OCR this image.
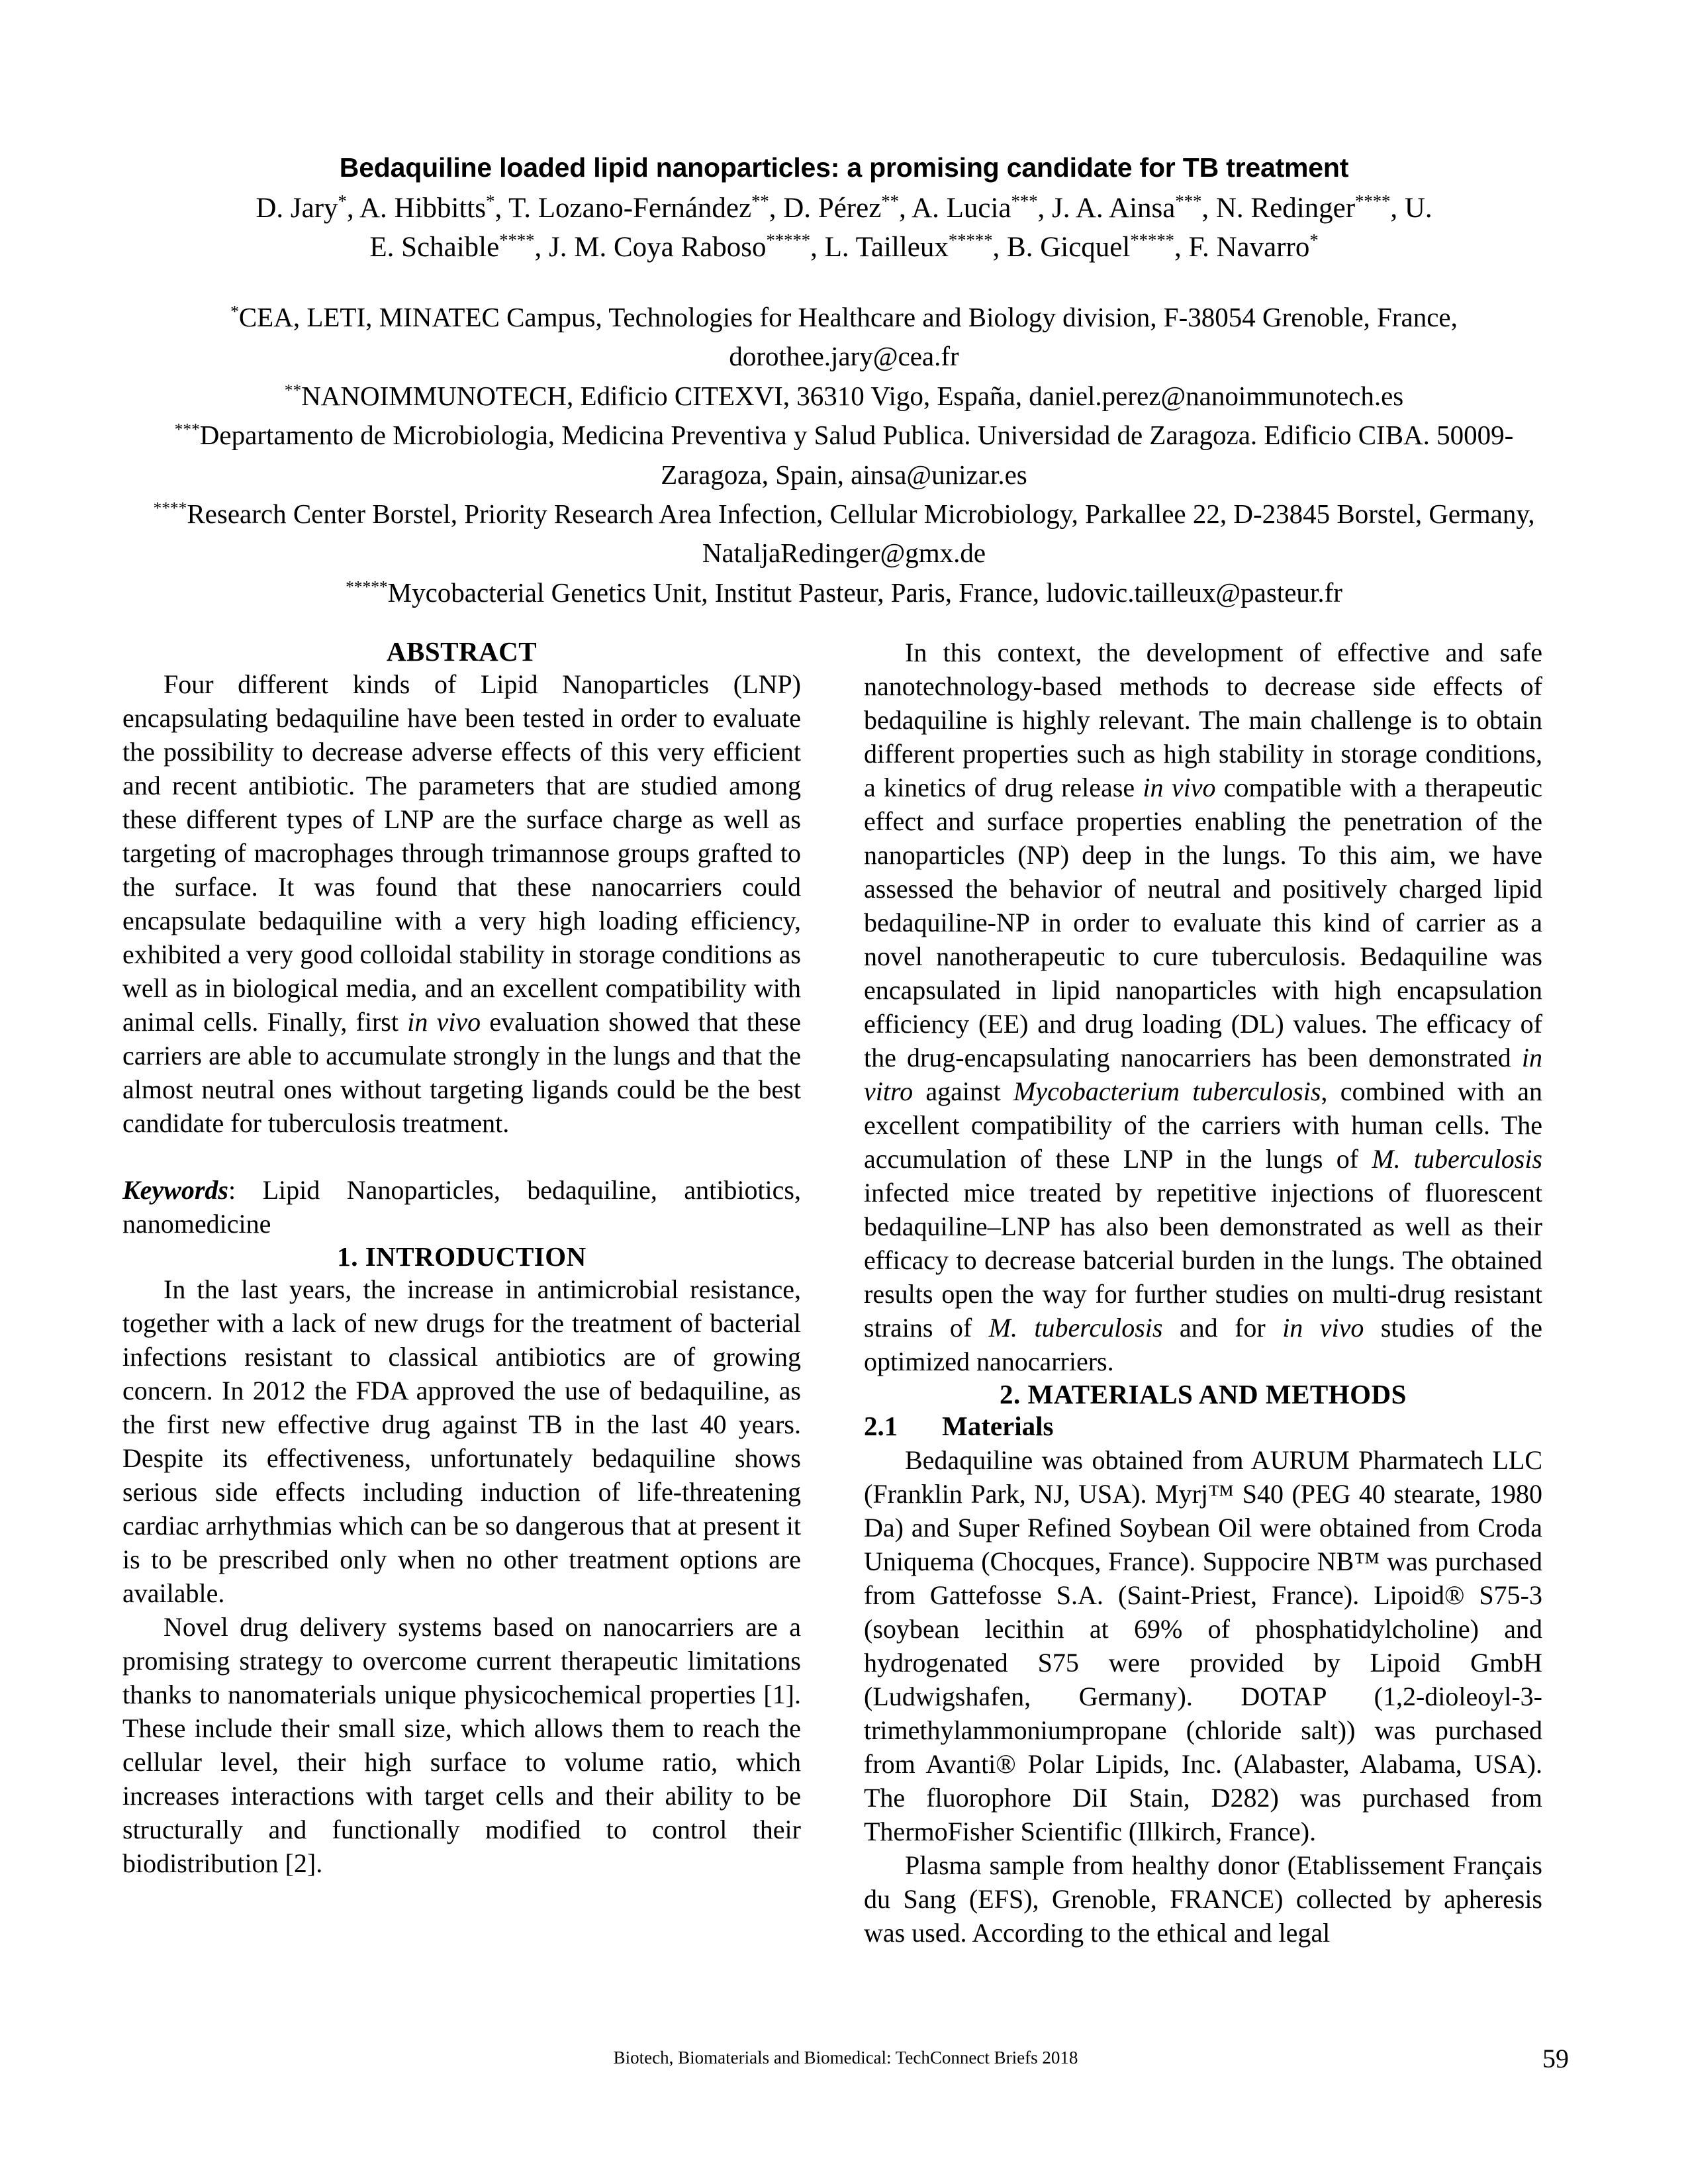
Bedaquiline loaded lipid nanoparticles: a promising candidate for TB treatment
D. Jary*, A. Hibbitts*, T. Lozano-Fernández**, D. Pérez**, A. Lucia***, J. A. Ainsa***, N. Redinger****, U.
E. Schaible****, J. M. Coya Raboso*****, L. Tailleux*****, B. Gicquel*****, F. Navarro*
*CEA, LETI, MINATEC Campus, Technologies for Healthcare and Biology division, F-38054 Grenoble, France, dorothee.jary@cea.fr
**NANOIMMUNOTECH, Edificio CITEXVI, 36310 Vigo, España, daniel.perez@nanoimmunotech.es
***Departamento de Microbiologia, Medicina Preventiva y Salud Publica. Universidad de Zaragoza. Edificio CIBA. 50009-Zaragoza, Spain, ainsa@unizar.es
****Research Center Borstel, Priority Research Area Infection, Cellular Microbiology, Parkallee 22, D-23845 Borstel, Germany, NataljaRedinger@gmx.de
*****Mycobacterial Genetics Unit, Institut Pasteur, Paris, France, ludovic.tailleux@pasteur.fr
ABSTRACT

Four different kinds of Lipid Nanoparticles (LNP) encapsulating bedaquiline have been tested in order to evaluate the possibility to decrease adverse effects of this very efficient and recent antibiotic. The parameters that are studied among these different types of LNP are the surface charge as well as targeting of macrophages through trimannose groups grafted to the surface. It was found that these nanocarriers could encapsulate bedaquiline with a very high loading efficiency, exhibited a very good colloidal stability in storage conditions as well as in biological media, and an excellent compatibility with animal cells. Finally, first in vivo evaluation showed that these carriers are able to accumulate strongly in the lungs and that the almost neutral ones without targeting ligands could be the best candidate for tuberculosis treatment.

Keywords: Lipid Nanoparticles, bedaquiline, antibiotics, nanomedicine

1. INTRODUCTION

In the last years, the increase in antimicrobial resistance, together with a lack of new drugs for the treatment of bacterial infections resistant to classical antibiotics are of growing concern. In 2012 the FDA approved the use of bedaquiline, as the first new effective drug against TB in the last 40 years. Despite its effectiveness, unfortunately bedaquiline shows serious side effects including induction of life-threatening cardiac arrhythmias which can be so dangerous that at present it is to be prescribed only when no other treatment options are available.

Novel drug delivery systems based on nanocarriers are a promising strategy to overcome current therapeutic limitations thanks to nanomaterials unique physicochemical properties [1]. These include their small size, which allows them to reach the cellular level, their high surface to volume ratio, which increases interactions with target cells and their ability to be structurally and functionally modified to control their biodistribution [2].

In this context, the development of effective and safe nanotechnology-based methods to decrease side effects of bedaquiline is highly relevant. The main challenge is to obtain different properties such as high stability in storage conditions, a kinetics of drug release in vivo compatible with a therapeutic effect and surface properties enabling the penetration of the nanoparticles (NP) deep in the lungs. To this aim, we have assessed the behavior of neutral and positively charged lipid bedaquiline-NP in order to evaluate this kind of carrier as a novel nanotherapeutic to cure tuberculosis. Bedaquiline was encapsulated in lipid nanoparticles with high encapsulation efficiency (EE) and drug loading (DL) values. The efficacy of the drug-encapsulating nanocarriers has been demonstrated in vitro against Mycobacterium tuberculosis, combined with an excellent compatibility of the carriers with human cells. The accumulation of these LNP in the lungs of M. tuberculosis infected mice treated by repetitive injections of fluorescent bedaquiline–LNP has also been demonstrated as well as their efficacy to decrease batcerial burden in the lungs. The obtained results open the way for further studies on multi-drug resistant strains of M. tuberculosis and for in vivo studies of the optimized nanocarriers.

2. MATERIALS AND METHODS
2.1 Materials

Bedaquiline was obtained from AURUM Pharmatech LLC (Franklin Park, NJ, USA). Myrj™ S40 (PEG 40 stearate, 1980 Da) and Super Refined Soybean Oil were obtained from Croda Uniquema (Chocques, France). Suppocire NB™ was purchased from Gattefosse S.A. (Saint-Priest, France). Lipoid® S75-3 (soybean lecithin at 69% of phosphatidylcholine) and hydrogenated S75 were provided by Lipoid GmbH (Ludwigshafen, Germany). DOTAP (1,2-dioleoyl-3-trimethylammoniumpropane (chloride salt)) was purchased from Avanti® Polar Lipids, Inc. (Alabaster, Alabama, USA). The fluorophore DiI Stain, D282) was purchased from ThermoFisher Scientific (Illkirch, France).

Plasma sample from healthy donor (Etablissement Français du Sang (EFS), Grenoble, FRANCE) collected by apheresis was used. According to the ethical and legal

Biotech, Biomaterials and Biomedical: TechConnect Briefs 2018	59
